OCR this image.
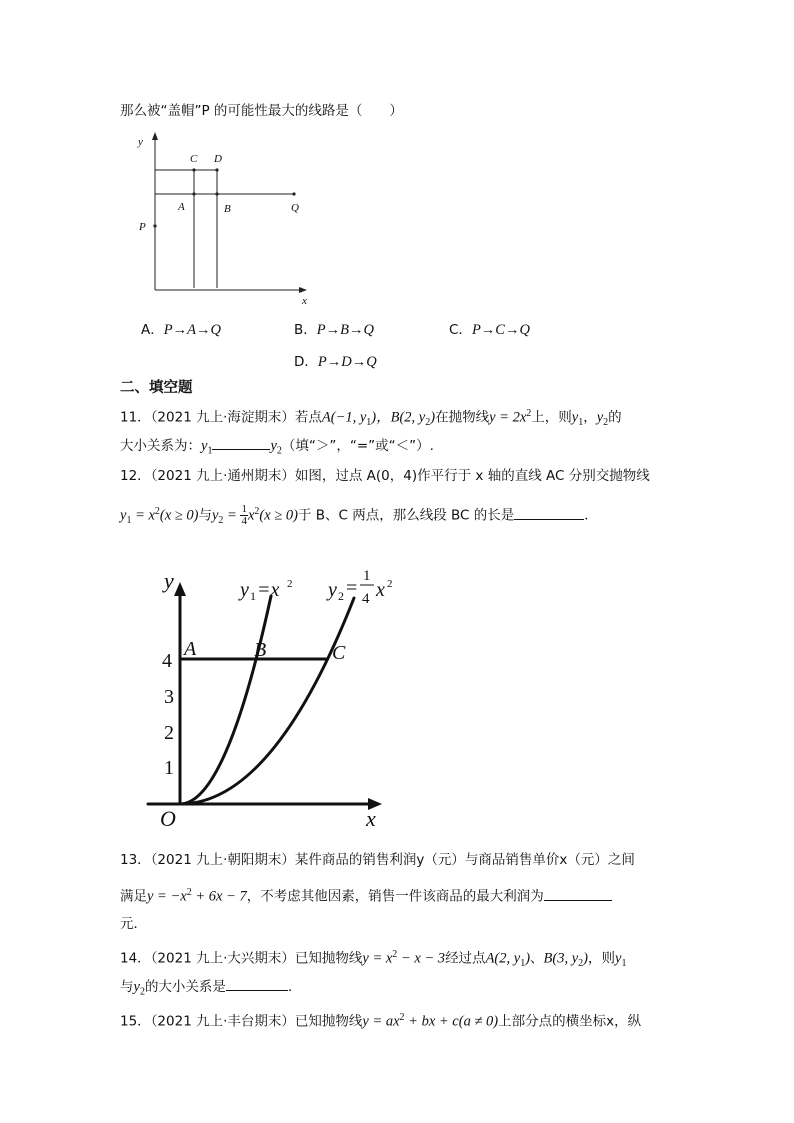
那么被“盖帽”P 的可能性最大的线路是（　　）
y
x
C D
A	B	Q
P
A．P→A→Q	B．P→B→Q	C．P→C→Q
D．P→D→Q
二、填空题
11．（2021 九上·海淀期末）若点A(−1, $y_1$)，B(2, $y_2$)在抛物线$y = 2x^2$上，则$y_1$，$y_2$的
大小关系为：$y_1$	$y_2$（填“＞”，“=”或“＜”）.
12．（2021 九上·通州期末）如图，过点 A(0，4)作平行于 x 轴的直线 AC 分别交抛物线
$y_1 = x^2(x \ge 0)$与$y_2 = \frac{1}{4} x^2(x \ge 0)$于 B、C 两点，那么线段 BC 的长是	．
y
x
O
A	B	C
4
3
2
1
y 1 =x 2 y 2 =
1
4 x 2
13．（2021 九上·朝阳期末）某件商品的销售利润y（元）与商品销售单价x（元）之间
满足$y = -x^2 + 6x - 7$，不考虑其他因素，销售一件该商品的最大利润为
元．
14．（2021 九上·大兴期末）已知抛物线$y = x^2 - x - 3$经过点A(2, $y_1$)、B(3, $y_2$)，则$y_1$
与$y_2$的大小关系是	．
15．（2021 九上·丰台期末）已知抛物线$y = ax^2$ + bx + c(a ≠ 0)上部分点的横坐标x，纵
